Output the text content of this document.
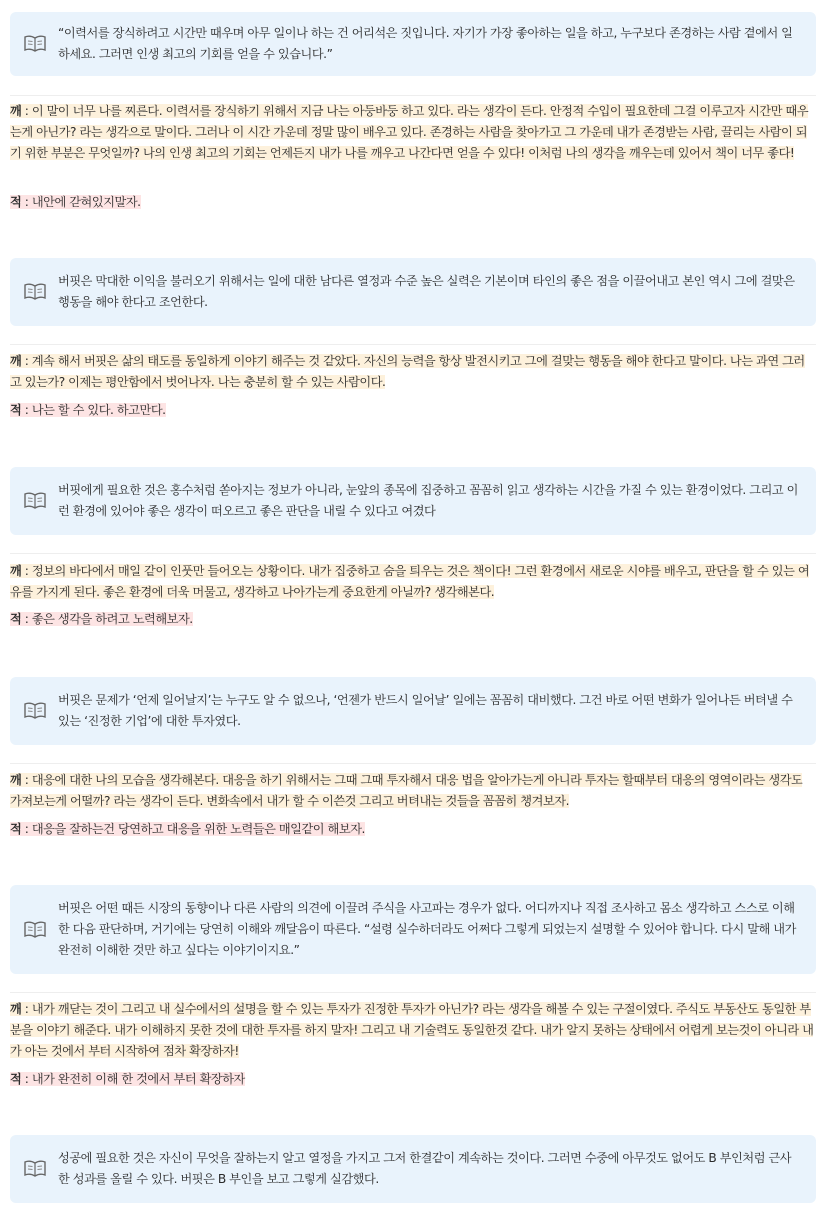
“이력서를 장식하려고 시간만 때우며 아무 일이나 하는 건 어리석은 짓입니다. 자기가 가장 좋아하는 일을 하고, 누구보다 존경하는 사람 곁에서 일하세요. 그러면 인생 최고의 기회를 얻을 수 있습니다.”
깨 : 이 말이 너무 나를 찌른다. 이력서를 장식하기 위해서 지금 나는 아둥바둥 하고 있다. 라는 생각이 든다. 안정적 수입이 필요한데 그걸 이루고자 시간만 때우는게 아닌가? 라는 생각으로 말이다. 그러나 이 시간 가운데 정말 많이 배우고 있다. 존경하는 사람을 찾아가고 그 가운데 내가 존경받는 사람, 끌리는 사람이 되기 위한 부분은 무엇일까? 나의 인생 최고의 기회는 언제든지 내가 나를 깨우고 나간다면 얻을 수 있다! 이처럼 나의 생각을 깨우는데 있어서 책이 너무 좋다!
적 : 내안에 갇혀있지말자.
버핏은 막대한 이익을 불러오기 위해서는 일에 대한 남다른 열정과 수준 높은 실력은 기본이며 타인의 좋은 점을 이끌어내고 본인 역시 그에 걸맞은 행동을 해야 한다고 조언한다.
깨 : 계속 해서 버핏은 삶의 태도를 동일하게 이야기 해주는 것 같았다. 자신의 능력을 항상 발전시키고 그에 걸맞는 행동을 해야 한다고 말이다. 나는 과연 그러고 있는가? 이제는 평안함에서 벗어나자. 나는 충분히 할 수 있는 사람이다.
적 : 나는 할 수 있다. 하고만다.
버핏에게 필요한 것은 홍수처럼 쏟아지는 정보가 아니라, 눈앞의 종목에 집중하고 꼼꼼히 읽고 생각하는 시간을 가질 수 있는 환경이었다. 그리고 이런 환경에 있어야 좋은 생각이 떠오르고 좋은 판단을 내릴 수 있다고 여겼다
깨 : 정보의 바다에서 매일 같이 인풋만 들어오는 상황이다. 내가 집중하고 숨을 틔우는 것은 책이다! 그런 환경에서 새로운 시야를 배우고, 판단을 할 수 있는 여유를 가지게 된다. 좋은 환경에 더욱 머물고, 생각하고 나아가는게 중요한게 아닐까? 생각해본다.
적 : 좋은 생각을 하려고 노력해보자.
버핏은 문제가 ‘언제 일어날지’는 누구도 알 수 없으나, ‘언젠가 반드시 일어날’ 일에는 꼼꼼히 대비했다. 그건 바로 어떤 변화가 일어나든 버텨낼 수 있는 ‘진정한 기업’에 대한 투자였다.
깨 : 대응에 대한 나의 모습을 생각해본다. 대응을 하기 위해서는 그때 그때 투자해서 대응 법을 알아가는게 아니라 투자는 할때부터 대응의 영역이라는 생각도 가져보는게 어떨까? 라는 생각이 든다. 변화속에서 내가 할 수 이쓴것 그리고 버텨내는 것들을 꼼꼼히 챙겨보자.
적 : 대응을 잘하는건 당연하고 대응을 위한 노력들은 매일같이 해보자.
버핏은 어떤 때든 시장의 동향이나 다른 사람의 의견에 이끌려 주식을 사고파는 경우가 없다. 어디까지나 직접 조사하고 몸소 생각하고 스스로 이해한 다음 판단하며, 거기에는 당연히 이해와 깨달음이 따른다. “설령 실수하더라도 어쩌다 그렇게 되었는지 설명할 수 있어야 합니다. 다시 말해 내가 완전히 이해한 것만 하고 싶다는 이야기이지요.”
깨 : 내가 깨닫는 것이 그리고 내 실수에서의 설명을 할 수 있는 투자가 진정한 투자가 아닌가? 라는 생각을 해볼 수 있는 구절이였다. 주식도 부동산도 동일한 부분을 이야기 해준다. 내가 이해하지 못한 것에 대한 투자를 하지 말자! 그리고 내 기술력도 동일한것 같다. 내가 알지 못하는 상태에서 어렵게 보는것이 아니라 내가 아는 것에서 부터 시작하여 점차 확장하자!
적 : 내가 완전히 이해 한 것에서 부터 확장하자
성공에 필요한 것은 자신이 무엇을 잘하는지 알고 열정을 가지고 그저 한결같이 계속하는 것이다. 그러면 수중에 아무것도 없어도 B 부인처럼 근사한 성과를 올릴 수 있다. 버핏은 B 부인을 보고 그렇게 실감했다.
